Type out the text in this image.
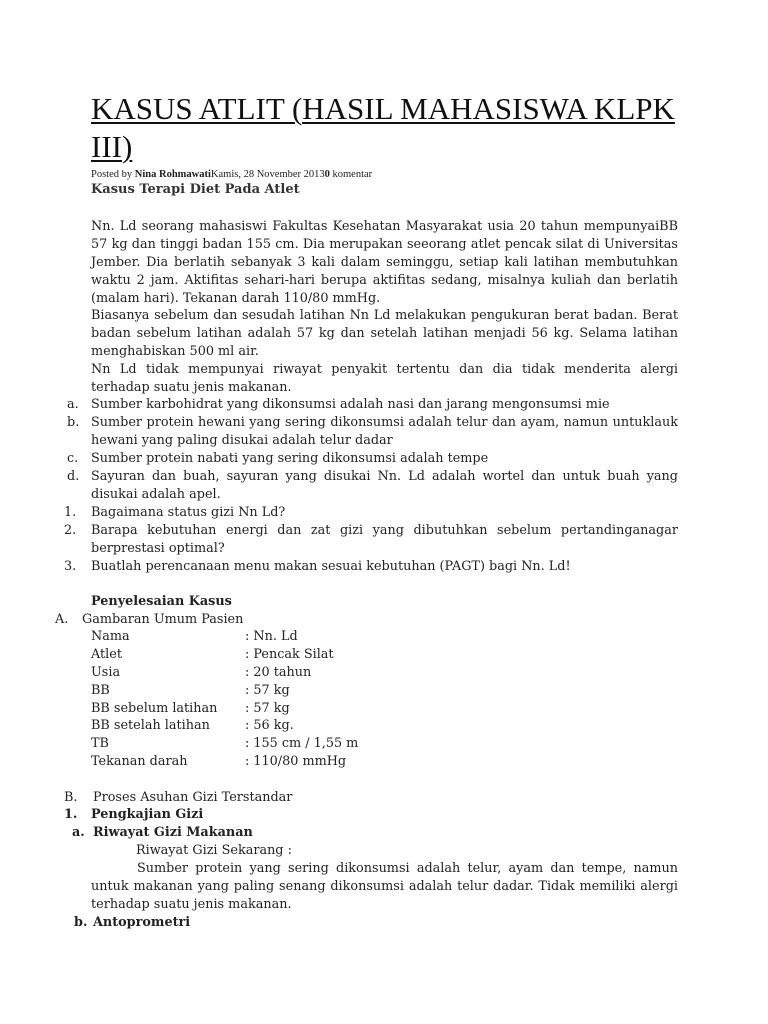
KASUS ATLIT (HASIL MAHASISWA KLPK III)
Posted by Nina RohmawatiKamis, 28 November 20130 komentar
Kasus Terapi Diet Pada Atlet
Nn. Ld seorang mahasiswi Fakultas Kesehatan Masyarakat usia 20 tahun mempunyaiBB 57 kg dan tinggi badan 155 cm. Dia merupakan seeorang atlet pencak silat di Universitas Jember. Dia berlatih sebanyak 3 kali dalam seminggu, setiap kali latihan membutuhkan waktu 2 jam. Aktifitas sehari-hari berupa aktifitas sedang, misalnya kuliah dan berlatih (malam hari). Tekanan darah 110/80 mmHg.
Biasanya sebelum dan sesudah latihan Nn Ld melakukan pengukuran berat badan. Berat badan sebelum latihan adalah 57 kg dan setelah latihan menjadi 56 kg. Selama latihan menghabiskan 500 ml air.
Nn Ld tidak mempunyai riwayat penyakit tertentu dan dia tidak menderita alergi terhadap suatu jenis makanan.
a. Sumber karbohidrat yang dikonsumsi adalah nasi dan jarang mengonsumsi mie
b. Sumber protein hewani yang sering dikonsumsi adalah telur dan ayam, namun untuklauk hewani yang paling disukai adalah telur dadar
c. Sumber protein nabati yang sering dikonsumsi adalah tempe
d. Sayuran dan buah, sayuran yang disukai Nn. Ld adalah wortel dan untuk buah yang disukai adalah apel.
1. Bagaimana status gizi Nn Ld?
2. Barapa kebutuhan energi dan zat gizi yang dibutuhkan sebelum pertandinganagar berprestasi optimal?
3. Buatlah perencanaan menu makan sesuai kebutuhan (PAGT) bagi Nn. Ld!
Penyelesaian Kasus
A. Gambaran Umum Pasien
Nama	: Nn. Ld
Atlet	: Pencak Silat
Usia	: 20 tahun
BB	: 57 kg
BB sebelum latihan : 57 kg
BB setelah latihan	: 56 kg.
TB	: 155 cm / 1,55 m
Tekanan darah	: 110/80 mmHg
B. Proses Asuhan Gizi Terstandar
1. Pengkajian Gizi
a. Riwayat Gizi Makanan
Riwayat Gizi Sekarang :
Sumber protein yang sering dikonsumsi adalah telur, ayam dan tempe, namun untuk makanan yang paling senang dikonsumsi adalah telur dadar. Tidak memiliki alergi terhadap suatu jenis makanan.
b. Antoprometri
